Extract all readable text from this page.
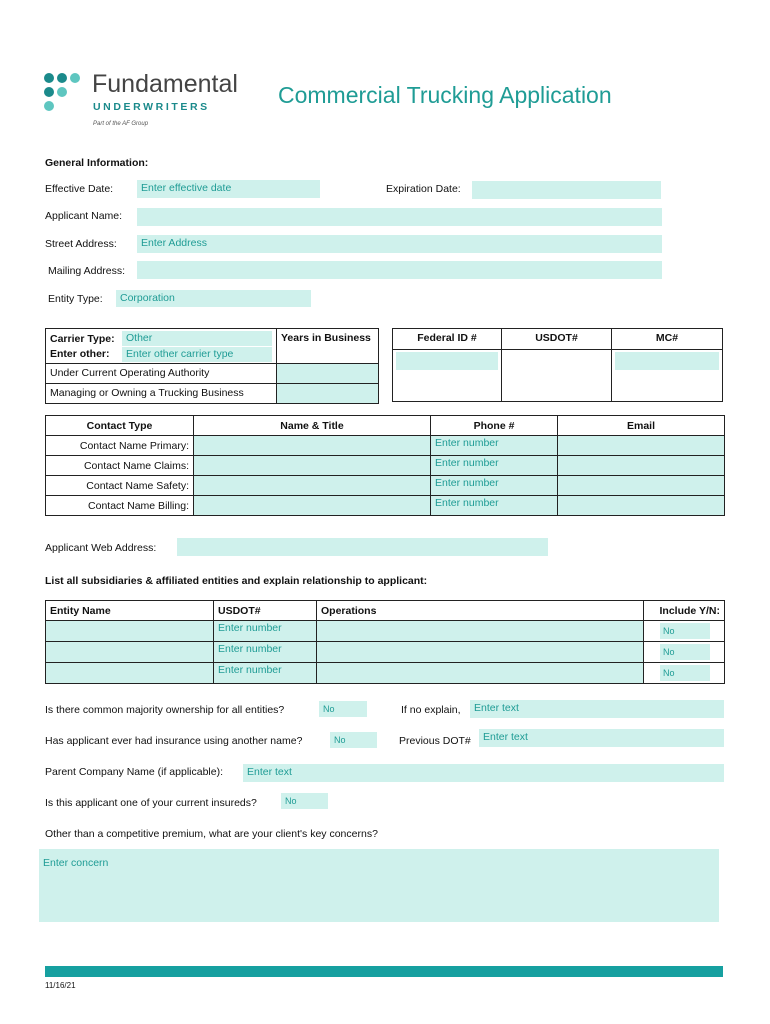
Fundamental
UNDERWRITERS
Part of the AF Group
Commercial Trucking Application
General Information:
Effective Date:	Enter effective date	Expiration Date:
Applicant Name:
Street Address:	Enter Address
Mailing Address:
Entity Type:	Corporation
Carrier Type: Other
Enter other: Enter other carrier type	Years in Business
Under Current Operating Authority	
Managing or Owning a Trucking Business	
Federal ID #	USDOT#	MC#

Contact Type	Name & Title	Phone #	Email
Contact Name Primary:		Enter number	
Contact Name Claims:		Enter number	
Contact Name Safety:		Enter number	
Contact Name Billing:		Enter number	
Applicant Web Address:
List all subsidiaries & affiliated entities and explain relationship to applicant:
Entity Name	USDOT#	Operations	Include Y/N:
	Enter number		No

	Enter number		No

	Enter number		No
Is there common majority ownership for all entities?	No	If no explain,	Enter text
Has applicant ever had insurance using another name?	No	Previous DOT#	Enter text
Parent Company Name (if applicable):	Enter text
Is this applicant one of your current insureds?	No
Other than a competitive premium, what are your client's key concerns?
Enter concern
11/16/21
